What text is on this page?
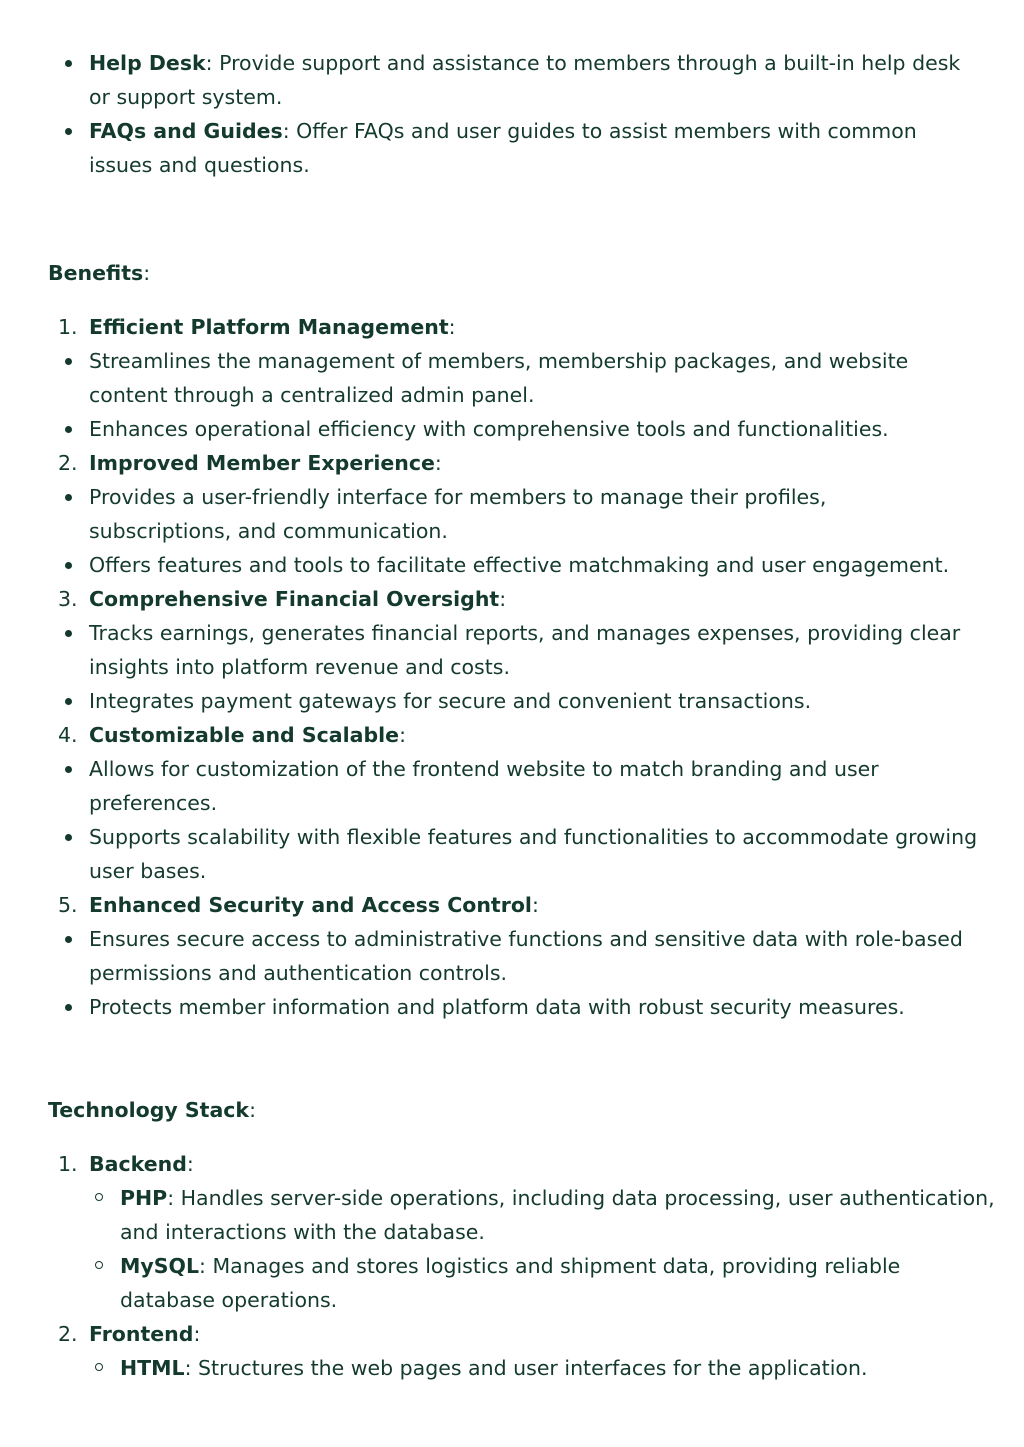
Help Desk: Provide support and assistance to members through a built-in help desk or support system.
FAQs and Guides: Offer FAQs and user guides to assist members with common issues and questions.
Benefits:
1. Efficient Platform Management:
Streamlines the management of members, membership packages, and website content through a centralized admin panel.
Enhances operational efficiency with comprehensive tools and functionalities.
2. Improved Member Experience:
Provides a user-friendly interface for members to manage their profiles, subscriptions, and communication.
Offers features and tools to facilitate effective matchmaking and user engagement.
3. Comprehensive Financial Oversight:
Tracks earnings, generates financial reports, and manages expenses, providing clear insights into platform revenue and costs.
Integrates payment gateways for secure and convenient transactions.
4. Customizable and Scalable:
Allows for customization of the frontend website to match branding and user preferences.
Supports scalability with flexible features and functionalities to accommodate growing user bases.
5. Enhanced Security and Access Control:
Ensures secure access to administrative functions and sensitive data with role-based permissions and authentication controls.
Protects member information and platform data with robust security measures.
Technology Stack:
1. Backend:
PHP: Handles server-side operations, including data processing, user authentication, and interactions with the database.
MySQL: Manages and stores logistics and shipment data, providing reliable database operations.
2. Frontend:
HTML: Structures the web pages and user interfaces for the application.
